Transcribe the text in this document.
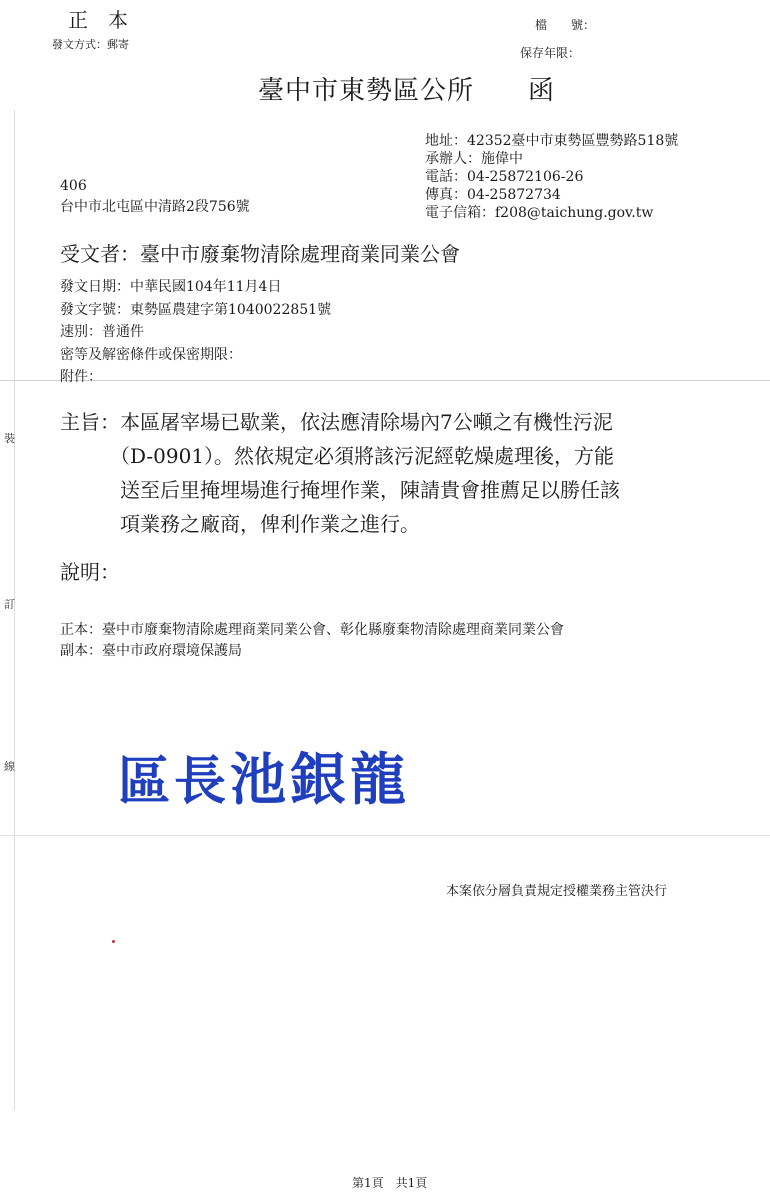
正　本
發文方式：郵寄
檔　　號：
保存年限：
臺中市東勢區公所　　函
地址：42352臺中市東勢區豐勢路518號
承辦人：施偉中
電話：04-25872106-26
傳真：04-25872734
電子信箱：f208@taichung.gov.tw
406
台中市北屯區中清路2段756號
受文者：臺中市廢棄物清除處理商業同業公會
發文日期：中華民國104年11月4日
發文字號：東勢區農建字第1040022851號
速別：普通件
密等及解密條件或保密期限：
附件：
主旨：本區屠宰場已歇業，依法應清除場內7公噸之有機性污泥
　　　（D-0901）。然依規定必須將該污泥經乾燥處理後，方能
　　　送至后里掩埋場進行掩埋作業，陳請貴會推薦足以勝任該
　　　項業務之廠商，俾利作業之進行。
說明：
正本：臺中市廢棄物清除處理商業同業公會、彰化縣廢棄物清除處理商業同業公會
副本：臺中市政府環境保護局
裝
訂
線 區長池銀龍
本案依分層負責規定授權業務主管決行
第1頁　共1頁
